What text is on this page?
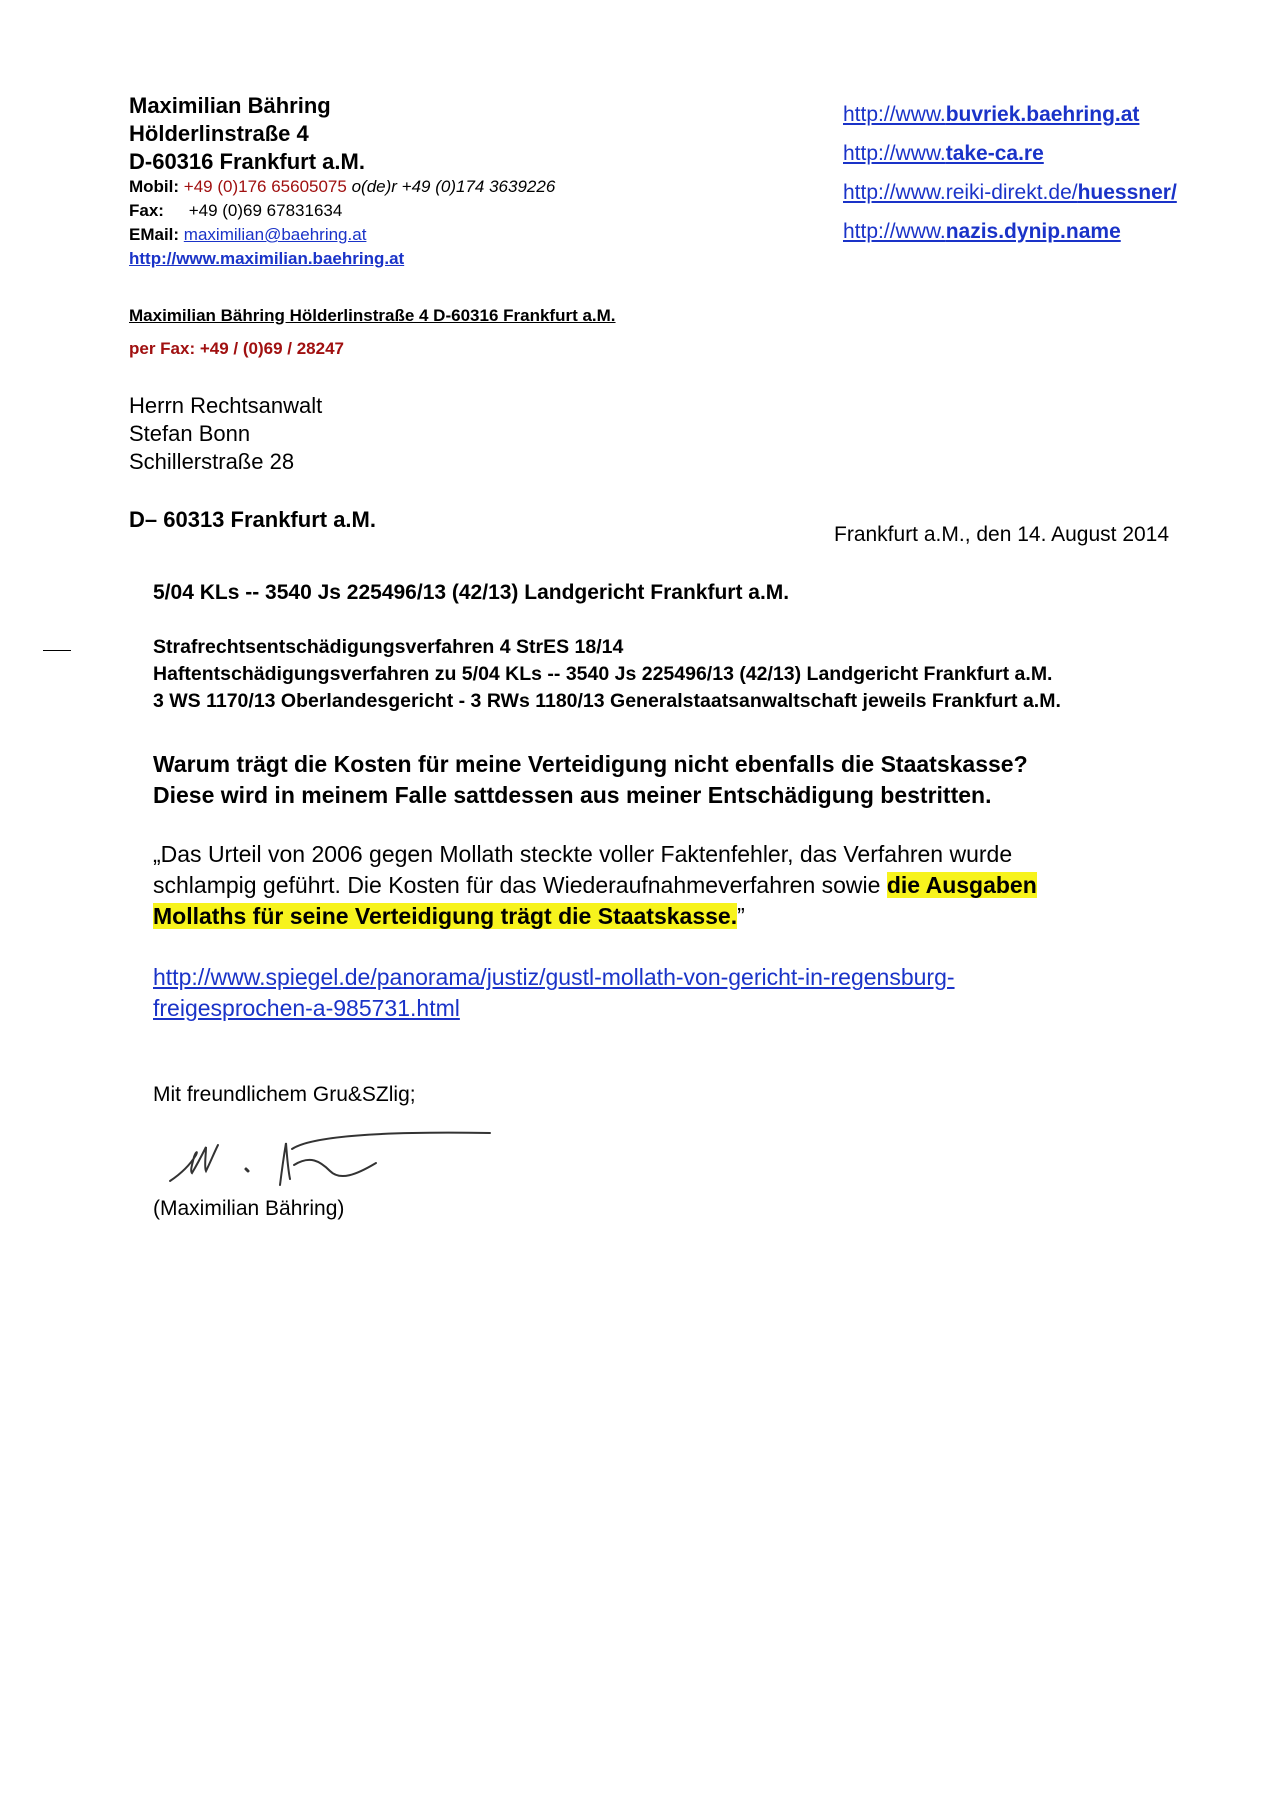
Maximilian Bähring
Hölderlinstraße 4
D-60316 Frankfurt a.M.
Mobil: +49 (0)176 65605075 o(de)r +49 (0)174 3639226
Fax: +49 (0)69 67831634
EMail: maximilian@baehring.at
http://www.maximilian.baehring.at
http://www.buvriek.baehring.at
http://www.take-ca.re
http://www.reiki-direkt.de/huessner/
http://www.nazis.dynip.name
Maximilian Bähring Hölderlinstraße 4 D-60316 Frankfurt a.M.
per Fax: +49 / (0)69 / 28247
Herrn Rechtsanwalt
Stefan Bonn
Schillerstraße 28
D– 60313 Frankfurt a.M.
Frankfurt a.M., den 14. August 2014
5/04 KLs -- 3540 Js 225496/13 (42/13) Landgericht Frankfurt a.M.
Strafrechtsentschädigungsverfahren 4 StrES 18/14
Haftentschädigungsverfahren zu 5/04 KLs -- 3540 Js 225496/13 (42/13) Landgericht Frankfurt a.M.
3 WS 1170/13 Oberlandesgericht - 3 RWs 1180/13 Generalstaatsanwaltschaft jeweils Frankfurt a.M.
Warum trägt die Kosten für meine Verteidigung nicht ebenfalls die Staatskasse?
Diese wird in meinem Falle sattdessen aus meiner Entschädigung bestritten.
„Das Urteil von 2006 gegen Mollath steckte voller Faktenfehler, das Verfahren wurde
schlampig geführt. Die Kosten für das Wiederaufnahmeverfahren sowie die Ausgaben
Mollaths für seine Verteidigung trägt die Staatskasse.”
http://www.spiegel.de/panorama/justiz/gustl-mollath-von-gericht-in-regensburg-
freigesprochen-a-985731.html
Mit freundlichem Gru&SZlig;
(Maximilian Bähring)
